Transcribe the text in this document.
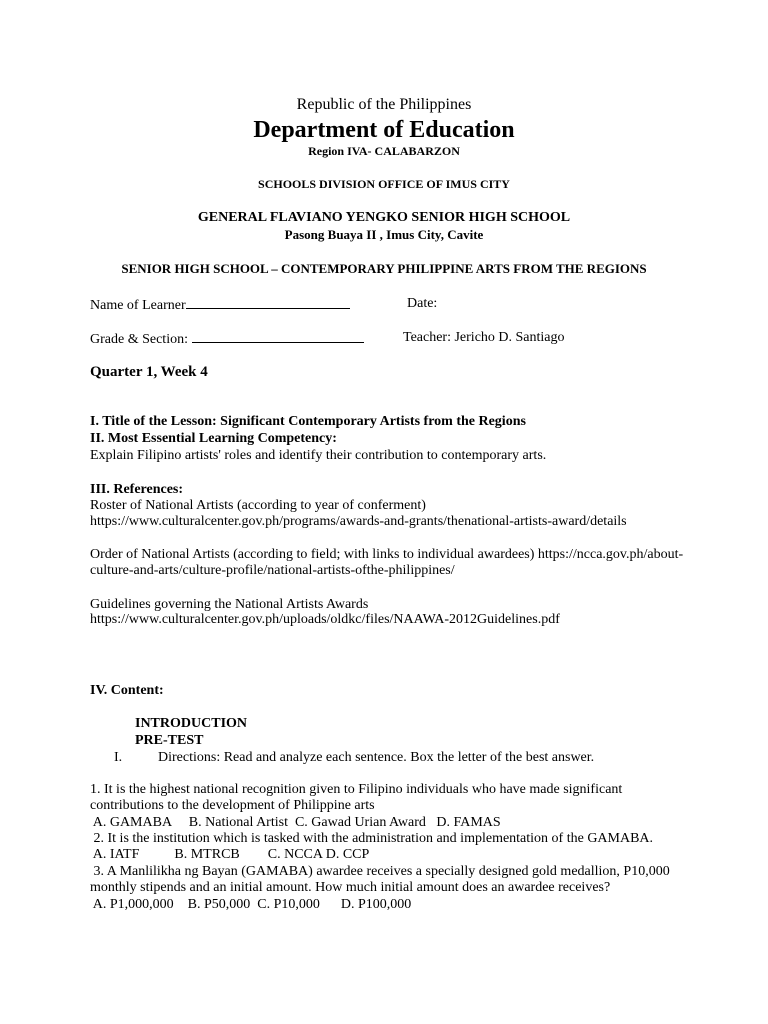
Republic of the Philippines
Department of Education
Region IVA- CALABARZON
SCHOOLS DIVISION OFFICE OF IMUS CITY
GENERAL FLAVIANO YENGKO SENIOR HIGH SCHOOL
Pasong Buaya II , Imus City, Cavite
SENIOR HIGH SCHOOL – CONTEMPORARY PHILIPPINE ARTS FROM THE REGIONS
Name of Learner	Date:
Grade & Section:	Teacher: Jericho D. Santiago
Quarter 1, Week 4
I. Title of the Lesson: Significant Contemporary Artists from the Regions
II. Most Essential Learning Competency:
Explain Filipino artists' roles and identify their contribution to contemporary arts.
III. References:
Roster of National Artists (according to year of conferment)
https://www.culturalcenter.gov.ph/programs/awards-and-grants/thenational-artists-award/details
Order of National Artists (according to field; with links to individual awardees) https://ncca.gov.ph/about-
culture-and-arts/culture-profile/national-artists-ofthe-philippines/
Guidelines governing the National Artists Awards
https://www.culturalcenter.gov.ph/uploads/oldkc/files/NAAWA-2012Guidelines.pdf
IV. Content:
INTRODUCTION
PRE-TEST
I.	Directions: Read and analyze each sentence. Box the letter of the best answer.
1. It is the highest national recognition given to Filipino individuals who have made significant
contributions to the development of Philippine arts
A. GAMABA     B. National Artist  C. Gawad Urian Award   D. FAMAS
2. It is the institution which is tasked with the administration and implementation of the GAMABA.
A. IATF          B. MTRCB        C. NCCA D. CCP
3. A Manlilikha ng Bayan (GAMABA) awardee receives a specially designed gold medallion, P10,000
monthly stipends and an initial amount. How much initial amount does an awardee receives?
A. P1,000,000    B. P50,000  C. P10,000      D. P100,000
